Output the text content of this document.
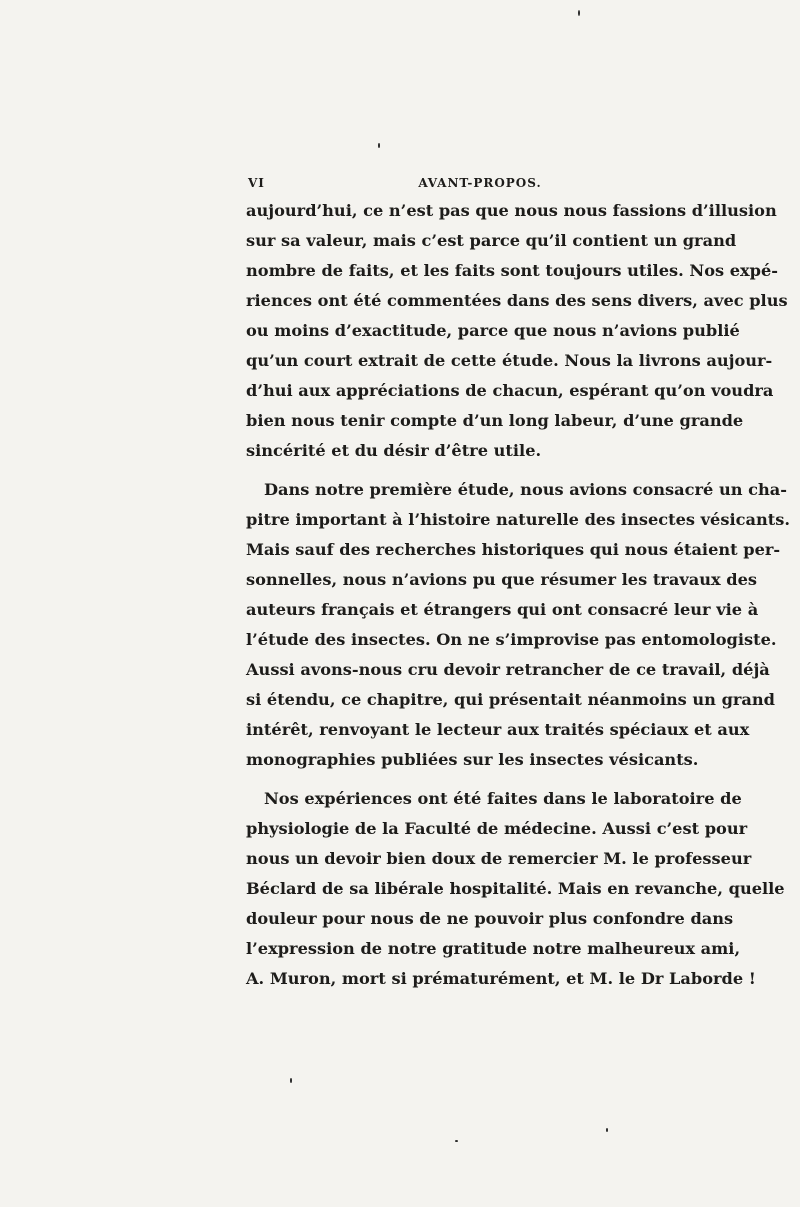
VI	AVANT-PROPOS.
aujourd’hui, ce n’est pas que nous nous fassions d’illusion
sur sa valeur, mais c’est parce qu’il contient un grand
nombre de faits, et les faits sont toujours utiles. Nos expé-
riences ont été commentées dans des sens divers, avec plus
ou moins d’exactitude, parce que nous n’avions publié
qu’un court extrait de cette étude. Nous la livrons aujour-
d’hui aux appréciations de chacun, espérant qu’on voudra
bien nous tenir compte d’un long labeur, d’une grande
sincérité et du désir d’être utile.
Dans notre première étude, nous avions consacré un cha-
pitre important à l’histoire naturelle des insectes vésicants.
Mais sauf des recherches historiques qui nous étaient per-
sonnelles, nous n’avions pu que résumer les travaux des
auteurs français et étrangers qui ont consacré leur vie à
l’étude des insectes. On ne s’improvise pas entomologiste.
Aussi avons-nous cru devoir retrancher de ce travail, déjà
si étendu, ce chapitre, qui présentait néanmoins un grand
intérêt, renvoyant le lecteur aux traités spéciaux et aux
monographies publiées sur les insectes vésicants.
Nos expériences ont été faites dans le laboratoire de
physiologie de la Faculté de médecine. Aussi c’est pour
nous un devoir bien doux de remercier M. le professeur
Béclard de sa libérale hospitalité. Mais en revanche, quelle
douleur pour nous de ne pouvoir plus confondre dans
l’expression de notre gratitude notre malheureux ami,
A. Muron, mort si prématurément, et M. le Dr Laborde !
